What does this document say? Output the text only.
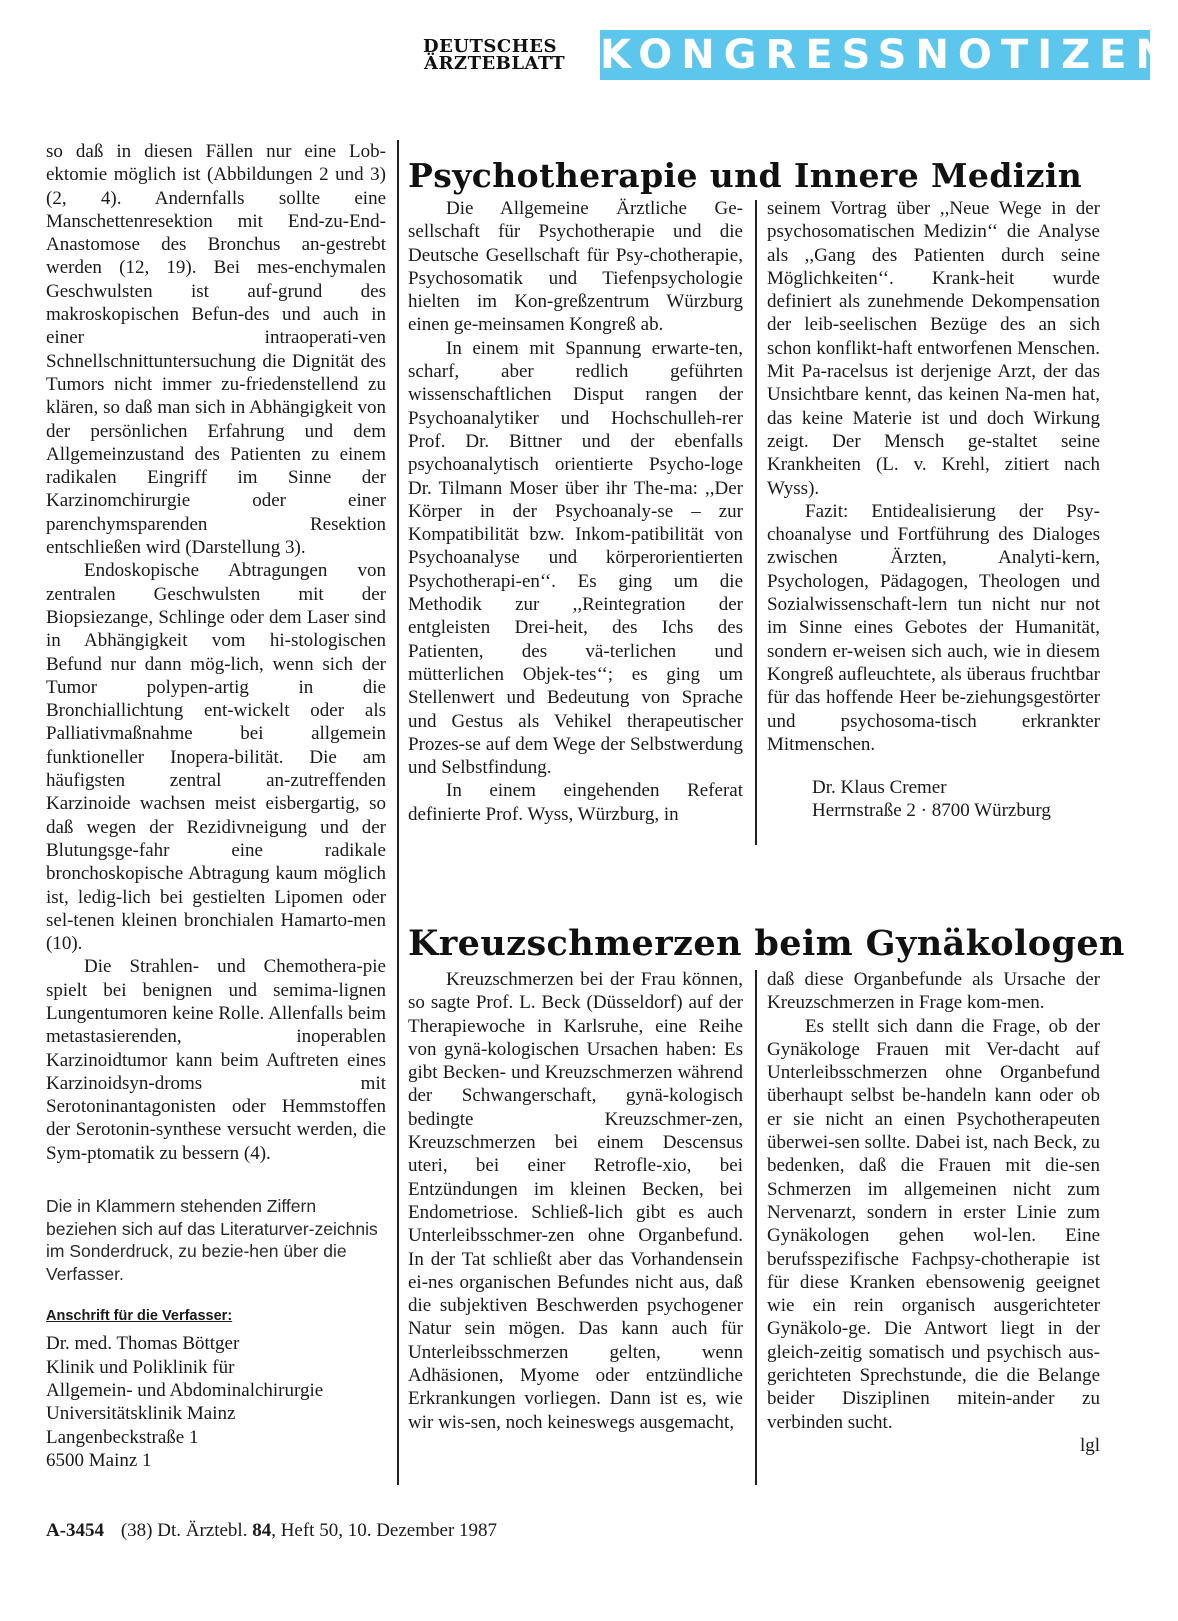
DEUTSCHES
ÄRZTEBLATT KONGRESSNOTIZEN

so daß in diesen Fällen nur eine Lob-ektomie möglich ist (Abbildungen 2 und 3) (2, 4). Andernfalls sollte eine Manschettenresektion mit End-zu-End-Anastomose des Bronchus an-gestrebt werden (12, 19). Bei mes-enchymalen Geschwulsten ist auf-grund des makroskopischen Befun-des und auch in einer intraoperati-ven Schnellschnittuntersuchung die Dignität des Tumors nicht immer zu-friedenstellend zu klären, so daß man sich in Abhängigkeit von der persönlichen Erfahrung und dem Allgemeinzustand des Patienten zu einem radikalen Eingriff im Sinne der Karzinomchirurgie oder einer parenchymsparenden Resektion entschließen wird (Darstellung 3).

Endoskopische Abtragungen von zentralen Geschwulsten mit der Biopsiezange, Schlinge oder dem Laser sind in Abhängigkeit vom hi-stologischen Befund nur dann mög-lich, wenn sich der Tumor polypen-artig in die Bronchiallichtung ent-wickelt oder als Palliativmaßnahme bei allgemein funktioneller Inopera-bilität. Die am häufigsten zentral an-zutreffenden Karzinoide wachsen meist eisbergartig, so daß wegen der Rezidivneigung und der Blutungsge-fahr eine radikale bronchoskopische Abtragung kaum möglich ist, ledig-lich bei gestielten Lipomen oder sel-tenen kleinen bronchialen Hamarto-men (10).

Die Strahlen- und Chemothera-pie spielt bei benignen und semima-lignen Lungentumoren keine Rolle. Allenfalls beim metastasierenden, inoperablen Karzinoidtumor kann beim Auftreten eines Karzinoidsyn-droms mit Serotoninantagonisten oder Hemmstoffen der Serotonin-synthese versucht werden, die Sym-ptomatik zu bessern (4).

Die in Klammern stehenden Ziffern beziehen sich auf das Literaturver-zeichnis im Sonderdruck, zu bezie-hen über die Verfasser.
Anschrift für die Verfasser:
Dr. med. Thomas Böttger
Klinik und Poliklinik für
Allgemein- und Abdominalchirurgie
Universitätsklinik Mainz
Langenbeckstraße 1
6500 Mainz 1
Psychotherapie und Innere Medizin

Die Allgemeine Ärztliche Ge-sellschaft für Psychotherapie und die Deutsche Gesellschaft für Psy-chotherapie, Psychosomatik und Tiefenpsychologie hielten im Kon-greßzentrum Würzburg einen ge-meinsamen Kongreß ab.

In einem mit Spannung erwarte-ten, scharf, aber redlich geführten wissenschaftlichen Disput rangen der Psychoanalytiker und Hochschulleh-rer Prof. Dr. Bittner und der ebenfalls psychoanalytisch orientierte Psycho-loge Dr. Tilmann Moser über ihr The-ma: ,,Der Körper in der Psychoanaly-se – zur Kompatibilität bzw. Inkom-patibilität von Psychoanalyse und körperorientierten Psychotherapi-en‘‘. Es ging um die Methodik zur ,,Reintegration der entgleisten Drei-heit, des Ichs des Patienten, des vä-terlichen und mütterlichen Objek-tes‘‘; es ging um Stellenwert und Bedeutung von Sprache und Gestus als Vehikel therapeutischer Prozes-se auf dem Wege der Selbstwerdung und Selbstfindung.

In einem eingehenden Referat definierte Prof. Wyss, Würzburg, in

seinem Vortrag über ,,Neue Wege in der psychosomatischen Medizin‘‘ die Analyse als ,,Gang des Patienten durch seine Möglichkeiten‘‘. Krank-heit wurde definiert als zunehmende Dekompensation der leib-seelischen Bezüge des an sich schon konflikt-haft entworfenen Menschen. Mit Pa-racelsus ist derjenige Arzt, der das Unsichtbare kennt, das keinen Na-men hat, das keine Materie ist und doch Wirkung zeigt. Der Mensch ge-staltet seine Krankheiten (L. v. Krehl, zitiert nach Wyss).

Fazit: Entidealisierung der Psy-choanalyse und Fortführung des Dialoges zwischen Ärzten, Analyti-kern, Psychologen, Pädagogen, Theologen und Sozialwissenschaft-lern tun nicht nur not im Sinne eines Gebotes der Humanität, sondern er-weisen sich auch, wie in diesem Kongreß aufleuchtete, als überaus fruchtbar für das hoffende Heer be-ziehungsgestörter und psychosoma-tisch erkrankter Mitmenschen.

Dr. Klaus Cremer
Herrnstraße 2 · 8700 Würzburg
Kreuzschmerzen beim Gynäkologen

Kreuzschmerzen bei der Frau können, so sagte Prof. L. Beck (Düsseldorf) auf der Therapiewoche in Karlsruhe, eine Reihe von gynä-kologischen Ursachen haben: Es gibt Becken- und Kreuzschmerzen während der Schwangerschaft, gynä-kologisch bedingte Kreuzschmer-zen, Kreuzschmerzen bei einem Descensus uteri, bei einer Retrofle-xio, bei Entzündungen im kleinen Becken, bei Endometriose. Schließ-lich gibt es auch Unterleibsschmer-zen ohne Organbefund. In der Tat schließt aber das Vorhandensein ei-nes organischen Befundes nicht aus, daß die subjektiven Beschwerden psychogener Natur sein mögen. Das kann auch für Unterleibsschmerzen gelten, wenn Adhäsionen, Myome oder entzündliche Erkrankungen vorliegen. Dann ist es, wie wir wis-sen, noch keineswegs ausgemacht,

daß diese Organbefunde als Ursache der Kreuzschmerzen in Frage kom-men.

Es stellt sich dann die Frage, ob der Gynäkologe Frauen mit Ver-dacht auf Unterleibsschmerzen ohne Organbefund überhaupt selbst be-handeln kann oder ob er sie nicht an einen Psychotherapeuten überwei-sen sollte. Dabei ist, nach Beck, zu bedenken, daß die Frauen mit die-sen Schmerzen im allgemeinen nicht zum Nervenarzt, sondern in erster Linie zum Gynäkologen gehen wol-len. Eine berufsspezifische Fachpsy-chotherapie ist für diese Kranken ebensowenig geeignet wie ein rein organisch ausgerichteter Gynäkolo-ge. Die Antwort liegt in der gleich-zeitig somatisch und psychisch aus-gerichteten Sprechstunde, die die Belange beider Disziplinen mitein-ander zu verbinden sucht.

lgl
A-3454 (38) Dt. Ärztebl. 84, Heft 50, 10. Dezember 1987
